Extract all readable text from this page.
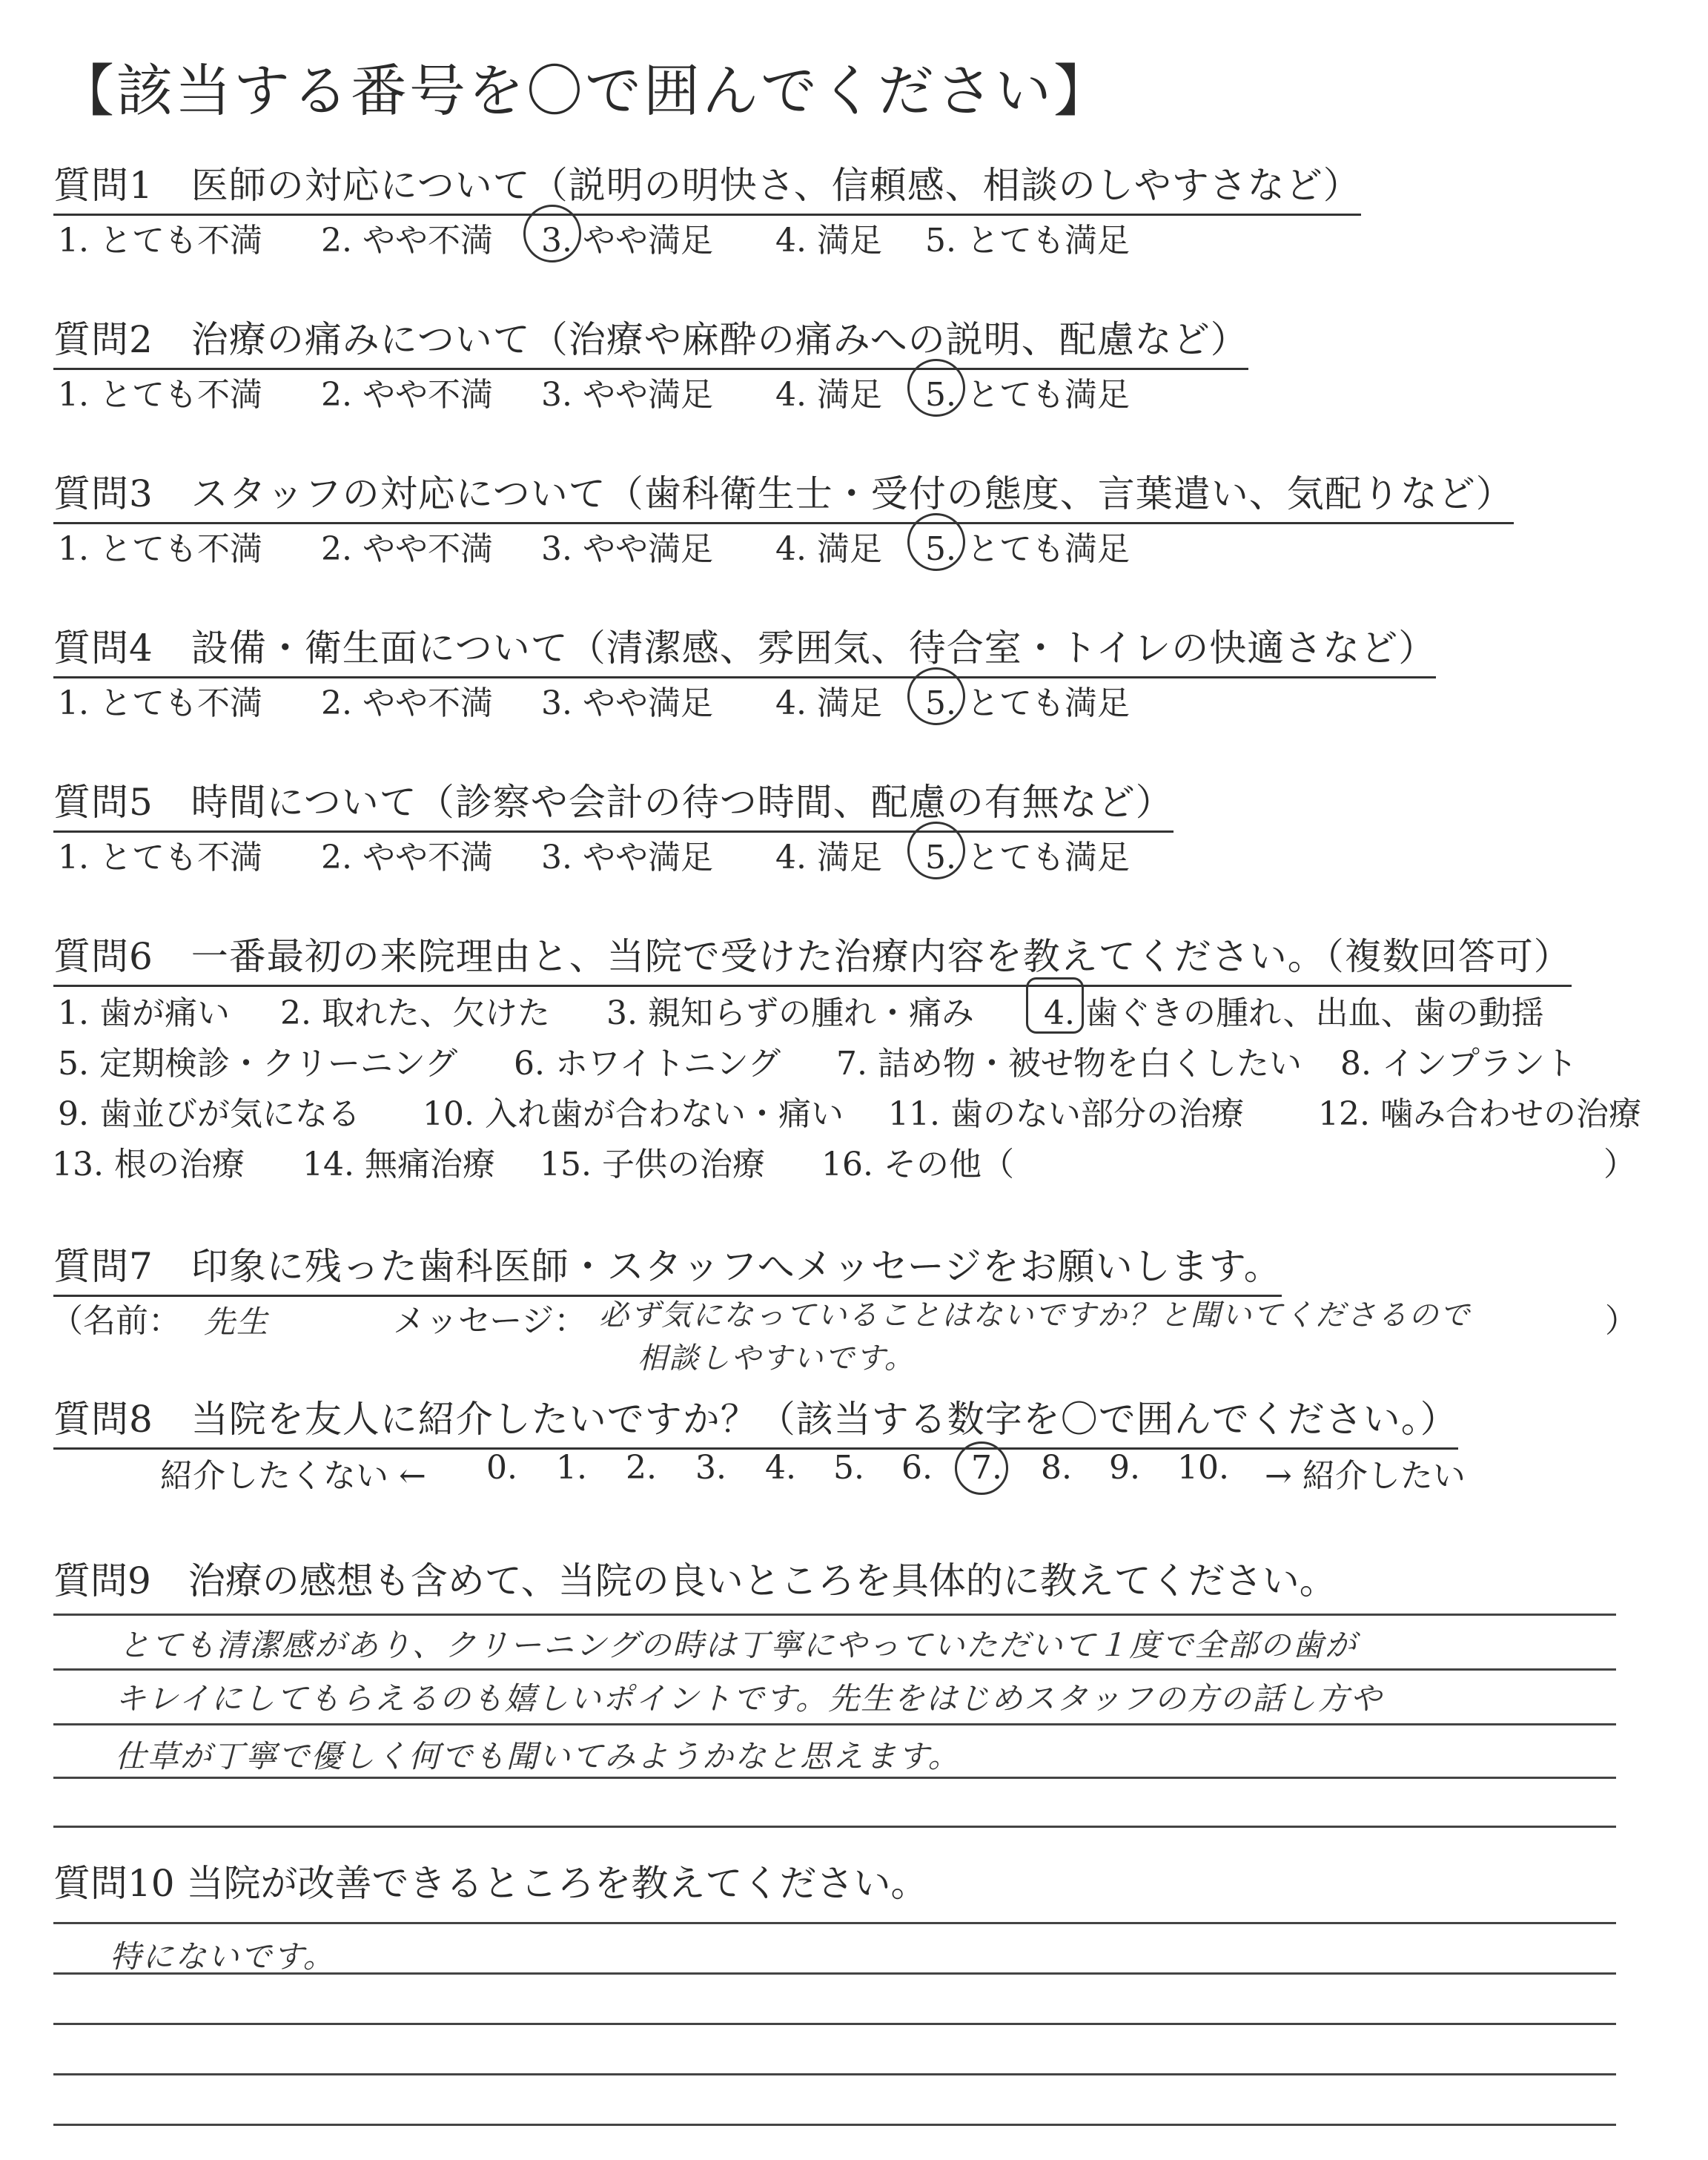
【該当する番号を〇で囲んでください】
質問1　医師の対応について（説明の明快さ、信頼感、相談のしやすさなど）
1. とても不満 2. やや不満 3. やや満足 4. 満足 5. とても満足
質問2　治療の痛みについて（治療や麻酔の痛みへの説明、配慮など）
1. とても不満 2. やや不満 3. やや満足 4. 満足 5. とても満足
質問3　スタッフの対応について（歯科衛生士・受付の態度、言葉遣い、気配りなど）
1. とても不満 2. やや不満 3. やや満足 4. 満足 5. とても満足
質問4　設備・衛生面について（清潔感、雰囲気、待合室・トイレの快適さなど）
1. とても不満 2. やや不満 3. やや満足 4. 満足 5. とても満足
質問5　時間について（診察や会計の待つ時間、配慮の有無など）
1. とても不満 2. やや不満 3. やや満足 4. 満足 5. とても満足
質問6　一番最初の来院理由と、当院で受けた治療内容を教えてください。（複数回答可）
1. 歯が痛い 2. 取れた、欠けた 3. 親知らずの腫れ・痛み 4. 歯ぐきの腫れ、出血、歯の動揺
5. 定期検診・クリーニング 6. ホワイトニング 7. 詰め物・被せ物を白くしたい 8. インプラント
9. 歯並びが気になる 10. 入れ歯が合わない・痛い 11. 歯のない部分の治療 12. 噛み合わせの治療
13. 根の治療 14. 無痛治療 15. 子供の治療 16. その他（	）
質問7　印象に残った歯科医師・スタッフへメッセージをお願いします。
（名前： 先生	メッセージ： 必ず気になっていることはないですか？と聞いてくださるので
相談しやすいです。
）
質問8　当院を友人に紹介したいですか？（該当する数字を〇で囲んでください。）
紹介したくない ← 0. 1. 2. 3. 4. 5. 6. 7. 8. 9. 10. → 紹介したい
質問9　治療の感想も含めて、当院の良いところを具体的に教えてください。
とても清潔感があり、クリーニングの時は丁寧にやっていただいて１度で全部の歯が
キレイにしてもらえるのも嬉しいポイントです。先生をはじめスタッフの方の話し方や
仕草が丁寧で優しく何でも聞いてみようかなと思えます。
質問10 当院が改善できるところを教えてください。
特にないです。
